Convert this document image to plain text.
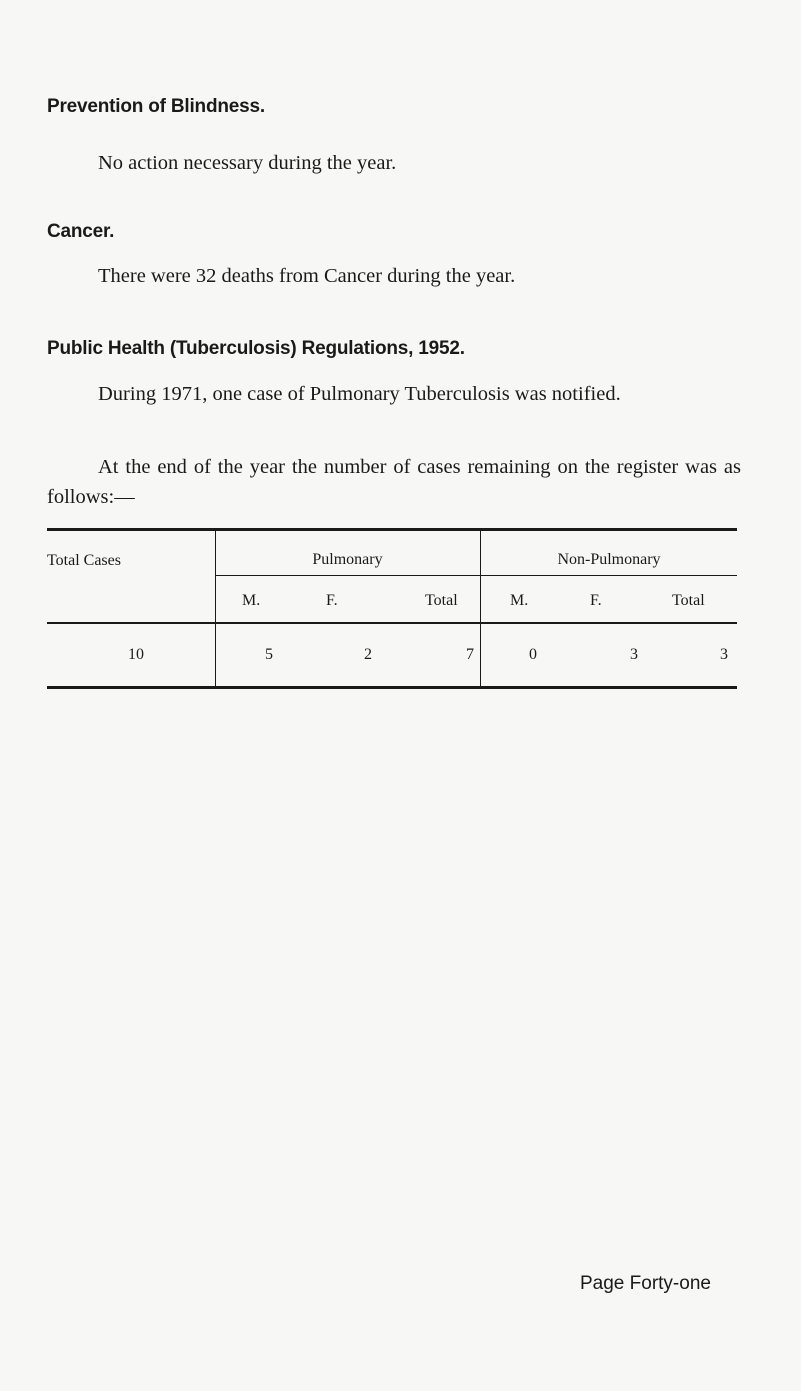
Prevention of Blindness.
No action necessary during the year.
Cancer.
There were 32 deaths from Cancer during the year.
Public Health (Tuberculosis) Regulations, 1952.
During 1971, one case of Pulmonary Tuberculosis was notified.
At the end of the year the number of cases remaining on the register was as follows:—
Total Cases	Pulmonary	Non-Pulmonary
M.	F.	Total	M.	F.	Total
10	5	2	7	0	3	3
Page Forty-one
